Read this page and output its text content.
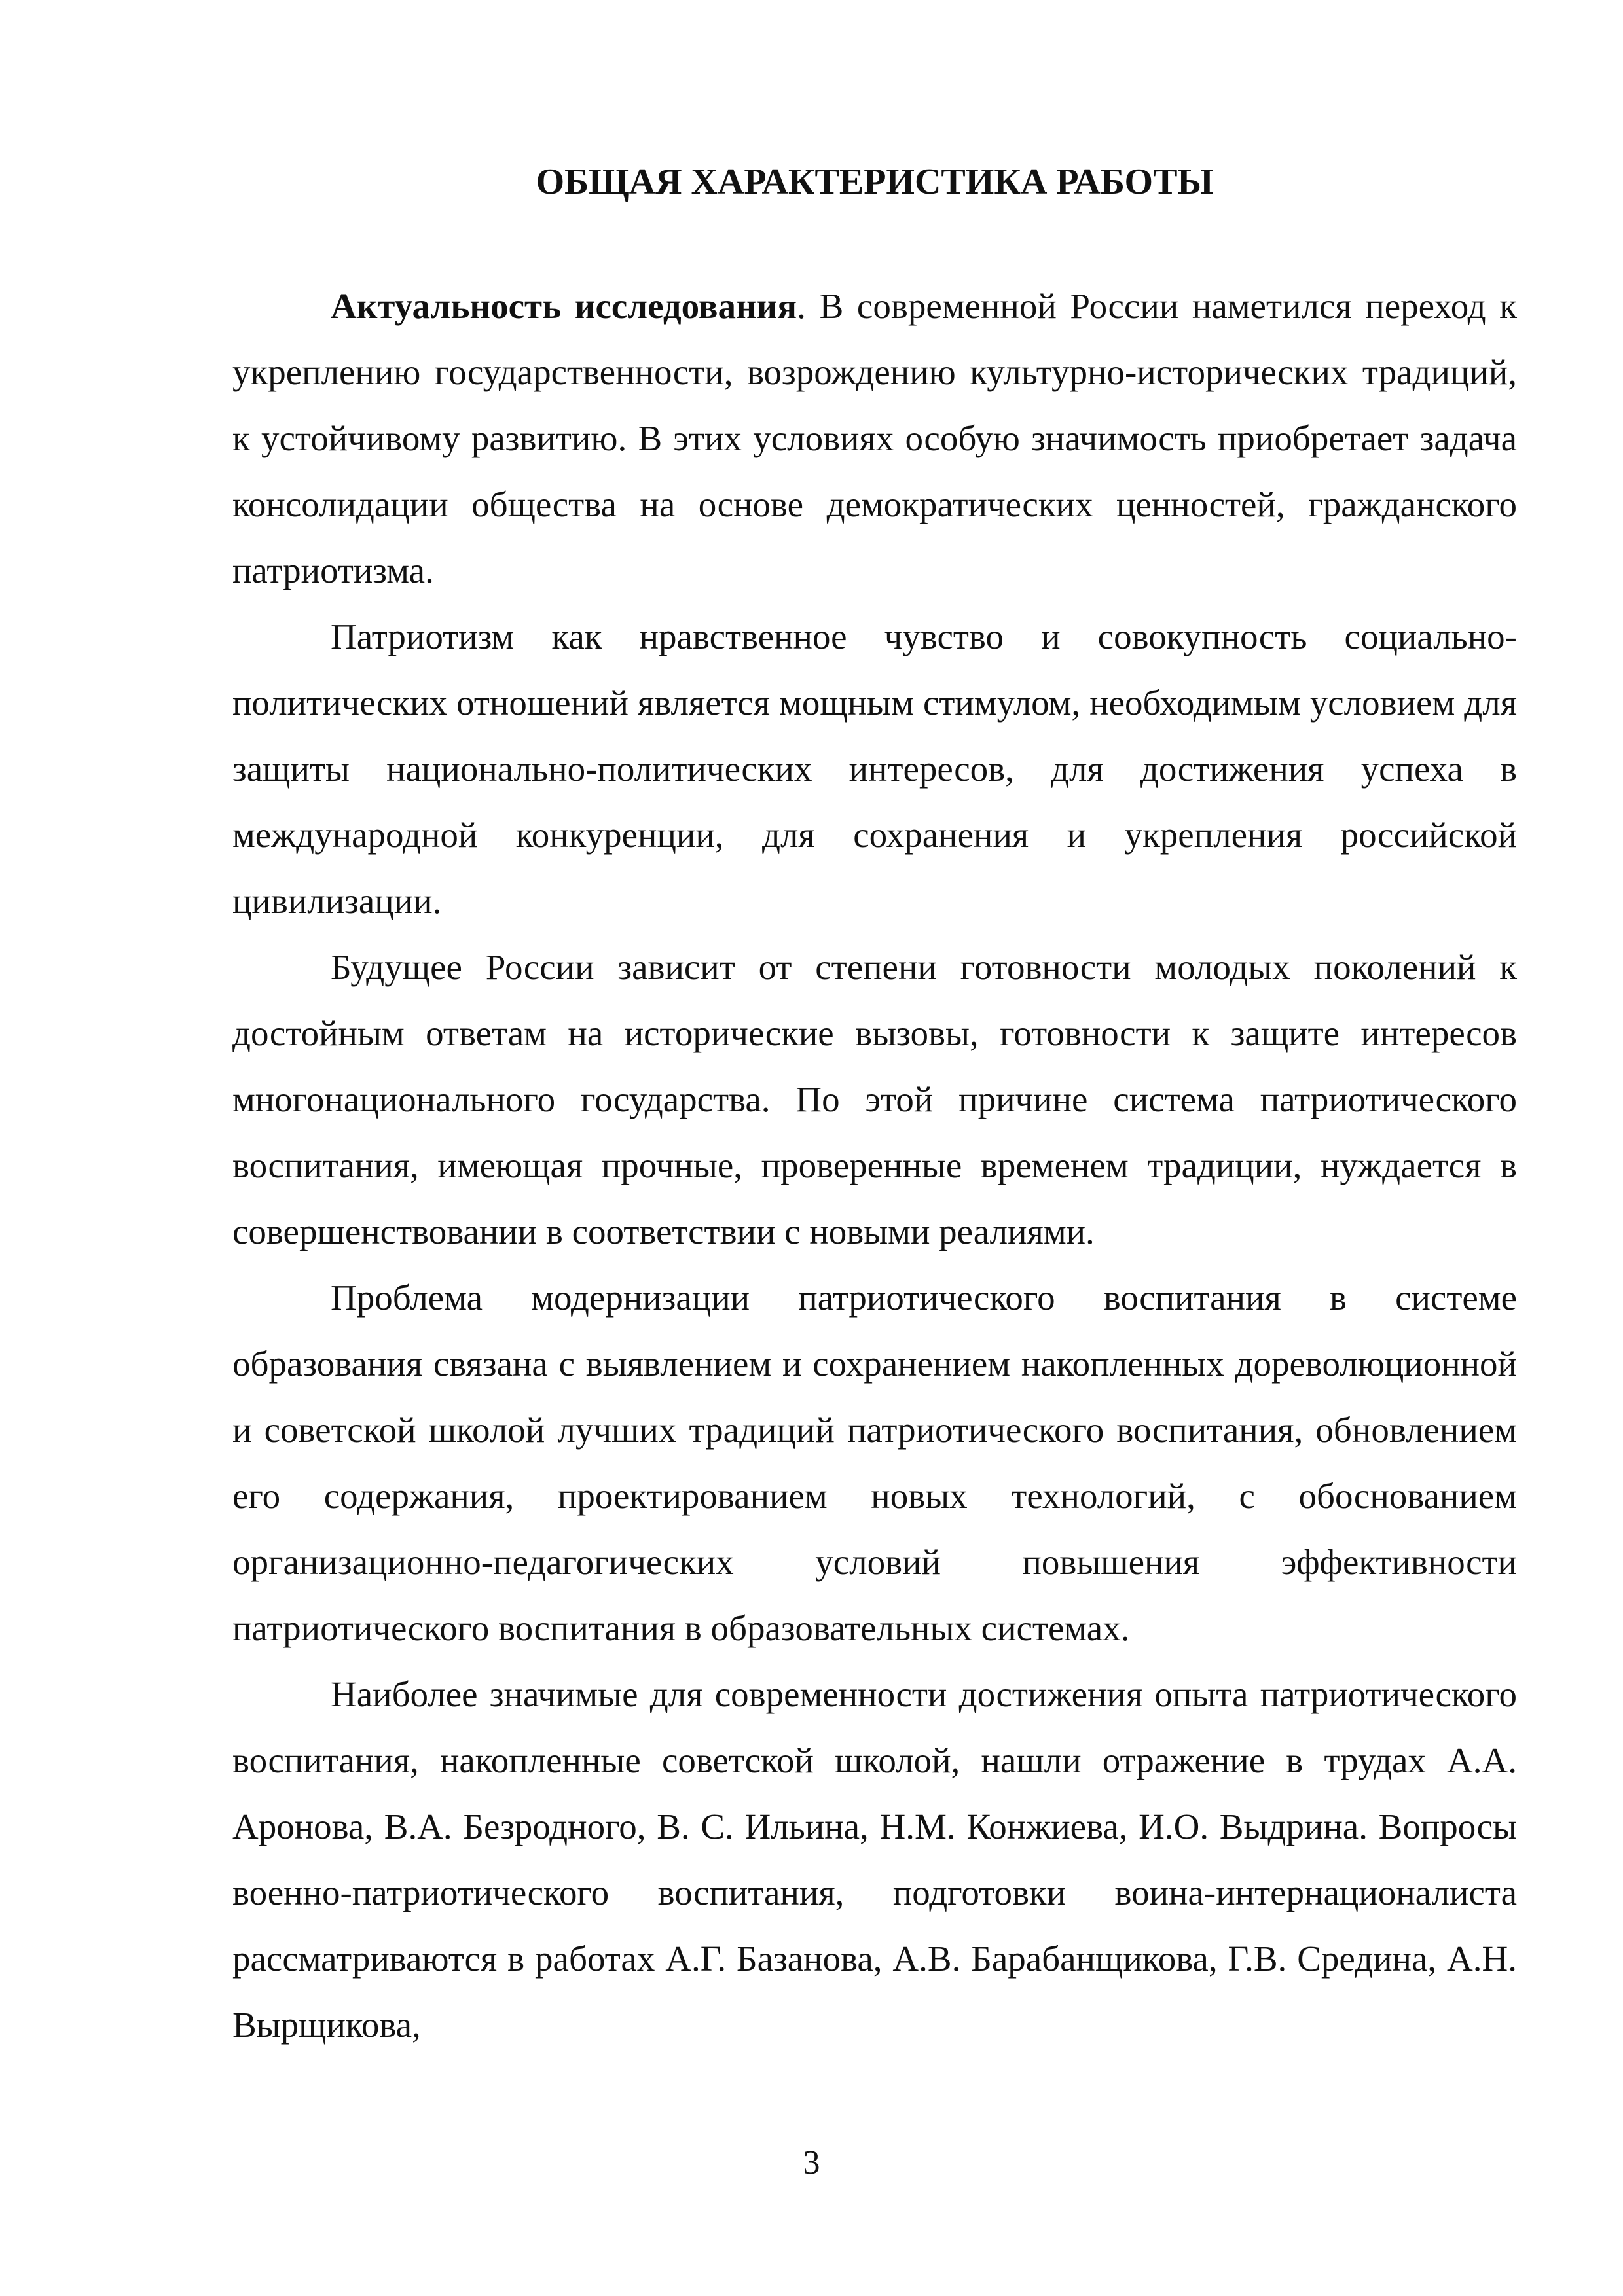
ОБЩАЯ ХАРАКТЕРИСТИКА РАБОТЫ

Актуальность исследования. В современной России наметился переход к укреплению государственности, возрождению культурно-исторических традиций, к устойчивому развитию. В этих условиях особую значимость приобретает задача консолидации общества на основе демократических ценностей, гражданского патриотизма.

Патриотизм как нравственное чувство и совокупность социально-политических отношений является мощным стимулом, необходимым условием для защиты национально-политических интересов, для достижения успеха в международной конкуренции, для сохранения и укрепления российской цивилизации.

Будущее России зависит от степени готовности молодых поколений к достойным ответам на исторические вызовы, готовности к защите интересов многонационального государства. По этой причине система патриотического воспитания, имеющая прочные, проверенные временем традиции, нуждается в совершенствовании в соответствии с новыми реалиями.

Проблема модернизации патриотического воспитания в системе образования связана с выявлением и сохранением накопленных дореволюционной и советской школой лучших традиций патриотического воспитания, обновлением его содержания, проектированием новых технологий, с обоснованием организационно-педагогических условий повышения эффективности патриотического воспитания в образовательных системах.

Наиболее значимые для современности достижения опыта патриотического воспитания, накопленные советской школой, нашли отражение в трудах А.А. Аронова, В.А. Безродного, В. С. Ильина, Н.М. Конжиева, И.О. Выдрина. Вопросы военно-патриотического воспитания, подготовки воина-интернационалиста рассматриваются в работах А.Г. Базанова, А.В. Барабанщикова, Г.В. Средина, А.Н. Вырщикова,

3
